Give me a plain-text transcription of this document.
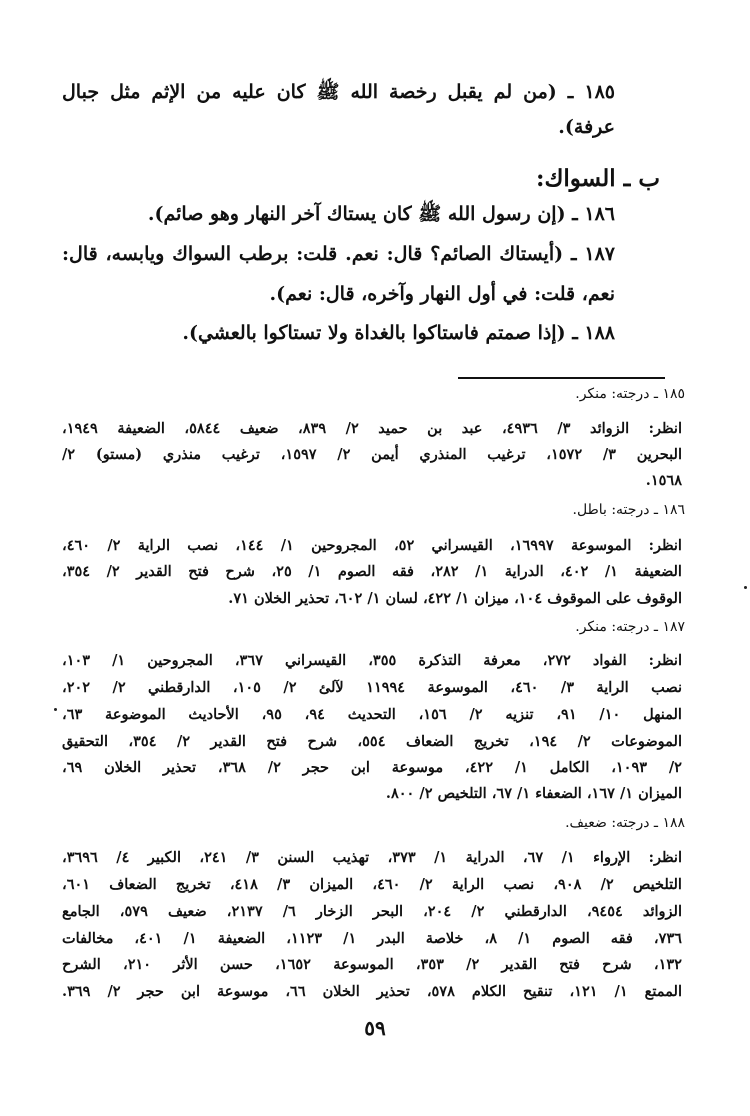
١٨٥ ـ (من لم يقبل رخصة الله ﷺ كان عليه من الإثم مثل جبال
عرفة).
ب ـ السواك:
١٨٦ ـ (إن رسول الله ﷺ كان يستاك آخر النهار وهو صائم).
١٨٧ ـ (أيستاك الصائم؟ قال: نعم. قلت: برطب السواك ويابسه، قال:
نعم، قلت: في أول النهار وآخره، قال: نعم).
١٨٨ ـ (إذا صمتم فاستاكوا بالغداة ولا تستاكوا بالعشي).
١٨٥ ـ درجته: منكر.
انظر: الزوائد ٣/ ٤٩٣٦، عبد بن حميد ٢/ ٨٣٩، ضعيف ٥٨٤٤، الضعيفة ١٩٤٩،
البحرين ٣/ ١٥٧٢، ترغيب المنذري أيمن ٢/ ١٥٩٧، ترغيب منذري (مستو) ٢/
١٥٦٨.
١٨٦ ـ درجته: باطل.
انظر: الموسوعة ١٦٩٩٧، القيسراني ٥٢، المجروحين ١/ ١٤٤، نصب الراية ٢/ ٤٦٠،
الضعيفة ١/ ٤٠٢، الدراية ١/ ٢٨٢، فقه الصوم ١/ ٢٥، شرح فتح القدير ٢/ ٣٥٤،
الوقوف على الموقوف ١٠٤، ميزان ١/ ٤٢٢، لسان ١/ ٦٠٢، تحذير الخلان ٧١.
١٨٧ ـ درجته: منكر.
انظر: الفواد ٢٧٢، معرفة التذكرة ٣٥٥، القيسراني ٣٦٧، المجروحين ١/ ١٠٣،
نصب الراية ٣/ ٤٦٠، الموسوعة ١١٩٩٤ لآلئ ٢/ ١٠٥، الدارقطني ٢/ ٢٠٢،
المنهل ١٠/ ٩١، تنزيه ٢/ ١٥٦، التحديث ٩٤، ٩٥، الأحاديث الموضوعة ٦٣،
الموضوعات ٢/ ١٩٤، تخريج الضعاف ٥٥٤، شرح فتح القدير ٢/ ٣٥٤، التحقيق
٢/ ١٠٩٣، الكامل ١/ ٤٢٢، موسوعة ابن حجر ٢/ ٣٦٨، تحذير الخلان ٦٩،
الميزان ١/ ١٦٧، الضعفاء ١/ ٦٧، التلخيص ٢/ ٨٠٠.
١٨٨ ـ درجته: ضعيف.
انظر: الإرواء ١/ ٦٧، الدراية ١/ ٣٧٣، تهذيب السنن ٣/ ٢٤١، الكبير ٤/ ٣٦٩٦،
التلخيص ٢/ ٩٠٨، نصب الراية ٢/ ٤٦٠، الميزان ٣/ ٤١٨، تخريج الضعاف ٦٠١،
الزوائد ٩٤٥٤، الدارقطني ٢/ ٢٠٤، البحر الزخار ٦/ ٢١٣٧، ضعيف ٥٧٩، الجامع
٧٣٦، فقه الصوم ١/ ٨، خلاصة البدر ١/ ١١٢٣، الضعيفة ١/ ٤٠١، مخالفات
١٣٢، شرح فتح القدير ٢/ ٣٥٣، الموسوعة ١٦٥٢، حسن الأثر ٢١٠، الشرح
الممتع ١/ ١٢١، تنقيح الكلام ٥٧٨، تحذير الخلان ٦٦، موسوعة ابن حجر ٢/ ٣٦٩.
٥٩
